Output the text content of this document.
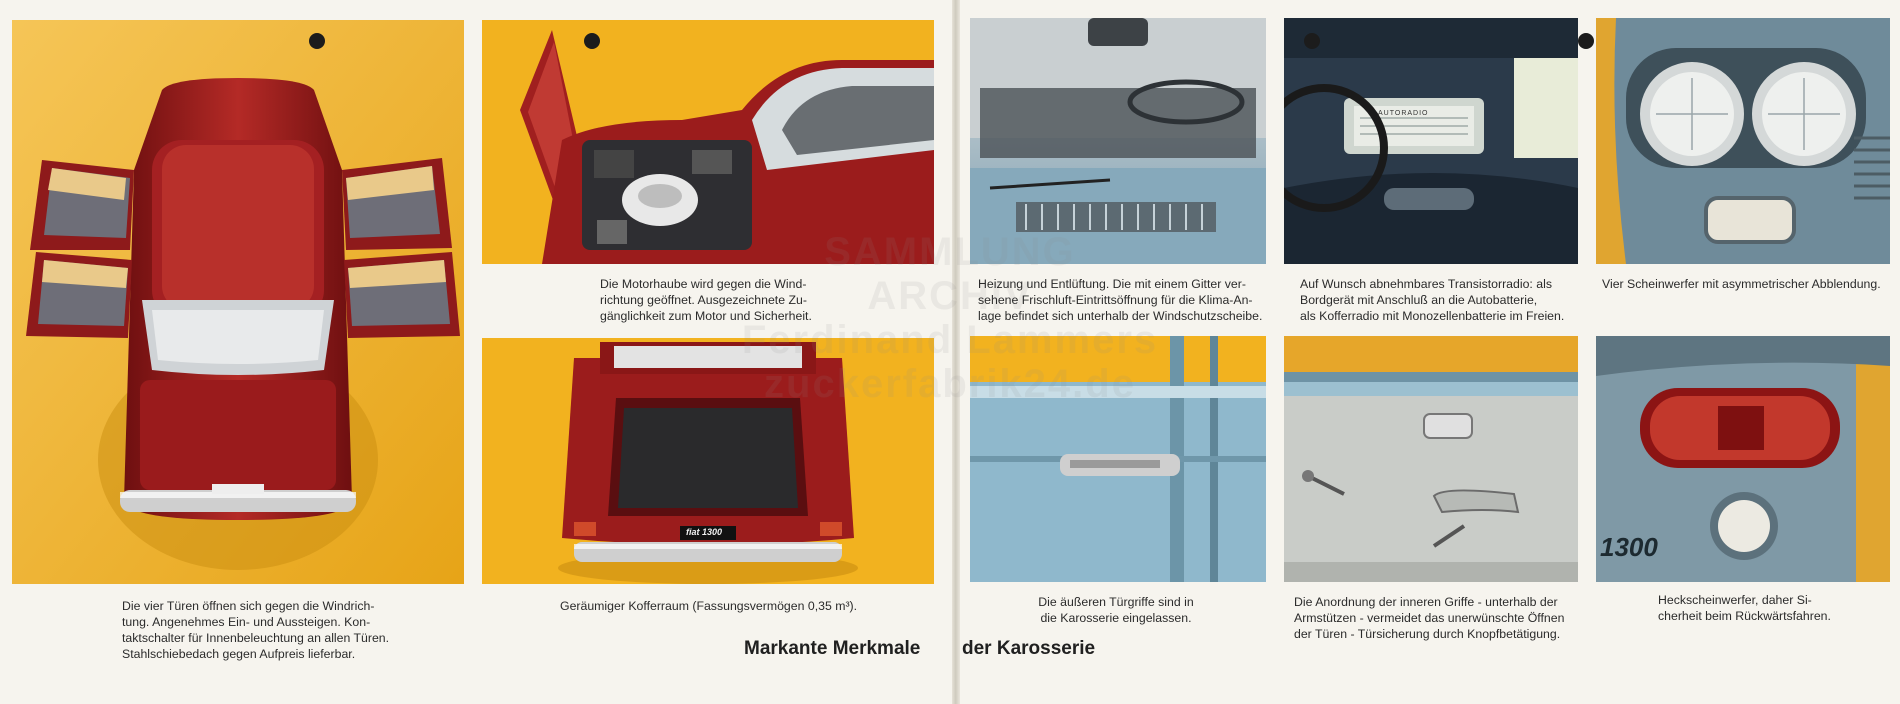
fiat 1300
fiat 1300
AUTORADIO
1300
SAMMLUNG
ARCHIV
Ferdinand Lammers
zuckerfabrik24.de
Die vier Türen öffnen sich gegen die Windrich-
tung. Angenehmes Ein- und Aussteigen. Kon-
taktschalter für Innenbeleuchtung an allen Türen.
Stahlschiebedach gegen Aufpreis lieferbar.
Die Motorhaube wird gegen die Wind-
richtung geöffnet. Ausgezeichnete Zu-
gänglichkeit zum Motor und Sicherheit.
Geräumiger Kofferraum (Fassungsvermögen 0,35 m³).
Heizung und Entlüftung. Die mit einem Gitter ver-
sehene Frischluft-Eintrittsöffnung für die Klima-An-
lage befindet sich unterhalb der Windschutzscheibe.
Auf Wunsch abnehmbares Transistorradio: als
Bordgerät mit Anschluß an die Autobatterie,
als Kofferradio mit Monozellenbatterie im Freien.
Vier Scheinwerfer mit asymmetrischer Abblendung.
Die äußeren Türgriffe sind in
die Karosserie eingelassen.
Die Anordnung der inneren Griffe - unterhalb der
Armstützen - vermeidet das unerwünschte Öffnen
der Türen - Türsicherung durch Knopfbetätigung.
Heckscheinwerfer, daher Si-
cherheit beim Rückwärtsfahren.
Markante Merkmale der Karosserie
